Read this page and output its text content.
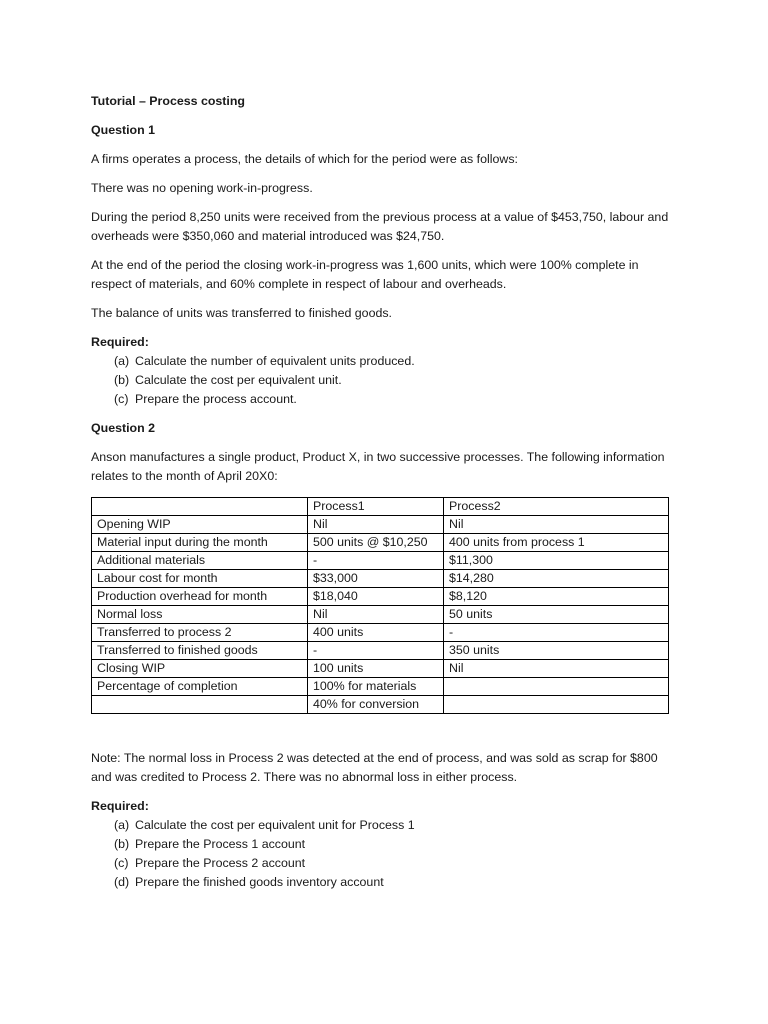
Tutorial – Process costing

Question 1

A firms operates a process, the details of which for the period were as follows:

There was no opening work-in-progress.

During the period 8,250 units were received from the previous process at a value of $453,750, labour and overheads were $350,060 and material introduced was $24,750.

At the end of the period the closing work-in-progress was 1,600 units, which were 100% complete in respect of materials, and 60% complete in respect of labour and overheads.

The balance of units was transferred to finished goods.

Required:

(a) Calculate the number of equivalent units produced.
(b) Calculate the cost per equivalent unit.
(c) Prepare the process account.

Question 2

Anson manufactures a single product, Product X, in two successive processes. The following information relates to the month of April 20X0:

	Process1	Process2
Opening WIP	Nil	Nil
Material input during the month	500 units @ $10,250	400 units from process 1
Additional materials	-	$11,300
Labour cost for month	$33,000	$14,280
Production overhead for month	$18,040	$8,120
Normal loss	Nil	50 units
Transferred to process 2	400 units	-
Transferred to finished goods	-	350 units
Closing WIP	100 units	Nil
Percentage of completion	100% for materials	
	40% for conversion	

Note: The normal loss in Process 2 was detected at the end of process, and was sold as scrap for $800 and was credited to Process 2. There was no abnormal loss in either process.

Required:

(a) Calculate the cost per equivalent unit for Process 1
(b) Prepare the Process 1 account
(c) Prepare the Process 2 account
(d) Prepare the finished goods inventory account
